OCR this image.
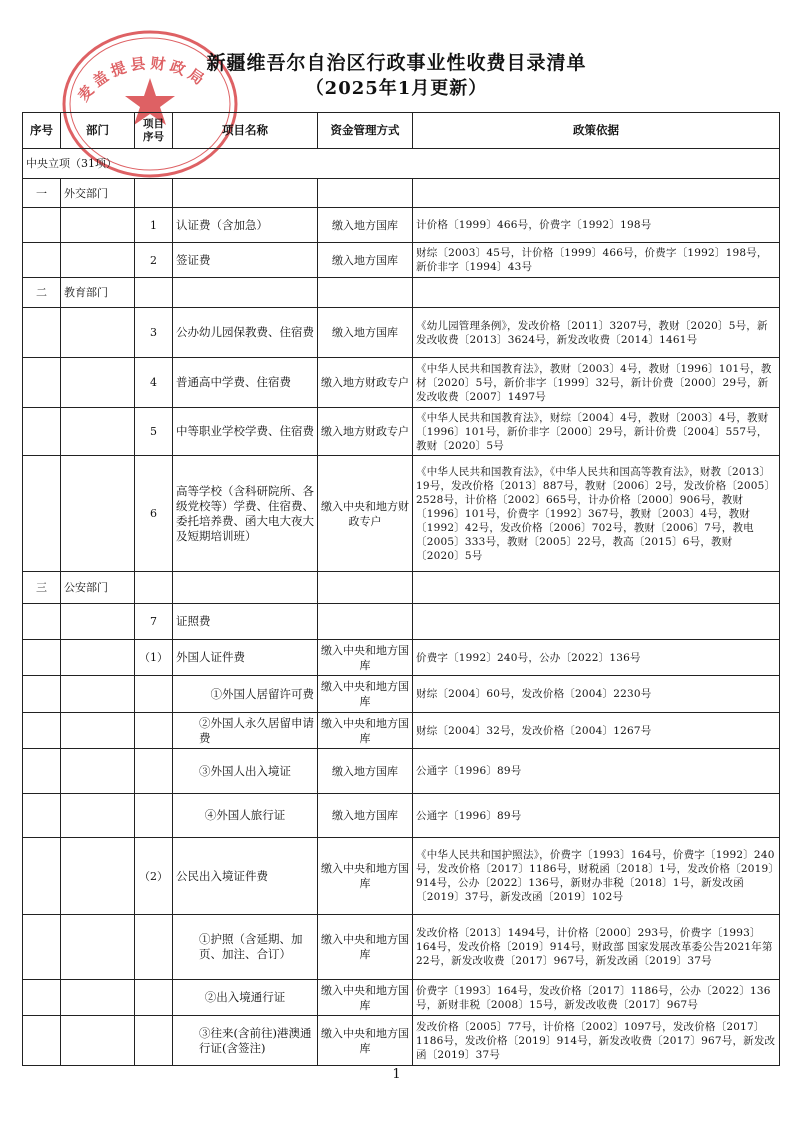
麦盖提县财政局
新疆维吾尔自治区行政事业性收费目录清单
（2025年1月更新）
序号	部门	项目序号	项目名称	资金管理方式	政策依据
中央立项（31项）					
一	外交部门				
		1	认证费（含加急）	缴入地方国库	计价格〔1999〕466号，价费字〔1992〕198号
		2	签证费	缴入地方国库	财综〔2003〕45号，计价格〔1999〕466号，价费字〔1992〕198号，新价非字〔1994〕43号
二	教育部门				
		3	公办幼儿园保教费、住宿费	缴入地方国库	《幼儿园管理条例》，发改价格〔2011〕3207号，教财〔2020〕5号，新发改收费〔2013〕3624号，新发改收费〔2014〕1461号
		4	普通高中学费、住宿费	缴入地方财政专户	《中华人民共和国教育法》，教财〔2003〕4号，教财〔1996〕101号，教材〔2020〕5号，新价非字〔1999〕32号，新计价费〔2000〕29号，新发改收费〔2007〕1497号
		5	中等职业学校学费、住宿费	缴入地方财政专户	《中华人民共和国教育法》，财综〔2004〕4号，教财〔2003〕4号，教财〔1996〕101号，新价非字〔2000〕29号，新计价费〔2004〕557号，教财〔2020〕5号
		6	高等学校（含科研院所、各级党校等）学费、住宿费、委托培养费、函大电大夜大及短期培训班）	缴入中央和地方财政专户	《中华人民共和国教育法》，《中华人民共和国高等教育法》，财教〔2013〕19号，发改价格〔2013〕887号，教财〔2006〕2号，发改价格〔2005〕2528号，计价格〔2002〕665号，计办价格〔2000〕906号，教财〔1996〕101号，价费字〔1992〕367号，教财〔2003〕4号，教财〔1992〕42号，发改价格〔2006〕702号，教财〔2006〕7号，教电〔2005〕333号，教财〔2005〕22号，教高〔2015〕6号，教财〔2020〕5号
三	公安部门				
		7	证照费		
		（1）	外国人证件费	缴入中央和地方国库	价费字〔1992〕240号，公办〔2022〕136号
			①外国人居留许可费	缴入中央和地方国库	财综〔2004〕60号，发改价格〔2004〕2230号
			②外国人永久居留申请费	缴入中央和地方国库	财综〔2004〕32号，发改价格〔2004〕1267号
			③外国人出入境证	缴入地方国库	公通字〔1996〕89号
			④外国人旅行证	缴入地方国库	公通字〔1996〕89号
		（2）	公民出入境证件费	缴入中央和地方国库	《中华人民共和国护照法》，价费字〔1993〕164号，价费字〔1992〕240号，发改价格〔2017〕1186号，财税函〔2018〕1号，发改价格〔2019〕914号，公办〔2022〕136号，新财办非税〔2018〕1号，新发改函〔2019〕37号，新发改函〔2019〕102号
			①护照（含延期、加页、加注、合订）	缴入中央和地方国库	发改价格〔2013〕1494号，计价格〔2000〕293号，价费字〔1993〕164号，发改价格〔2019〕914号，财政部 国家发展改革委公告2021年第22号，新发改收费〔2017〕967号，新发改函〔2019〕37号
			②出入境通行证	缴入中央和地方国库	价费字〔1993〕164号，发改价格〔2017〕1186号，公办〔2022〕136号，新财非税〔2008〕15号，新发改收费〔2017〕967号
			③往来(含前往)港澳通行证(含签注)	缴入中央和地方国库	发改价格〔2005〕77号，计价格〔2002〕1097号，发改价格〔2017〕1186号，发改价格〔2019〕914号，新发改收费〔2017〕967号，新发改函〔2019〕37号
1
